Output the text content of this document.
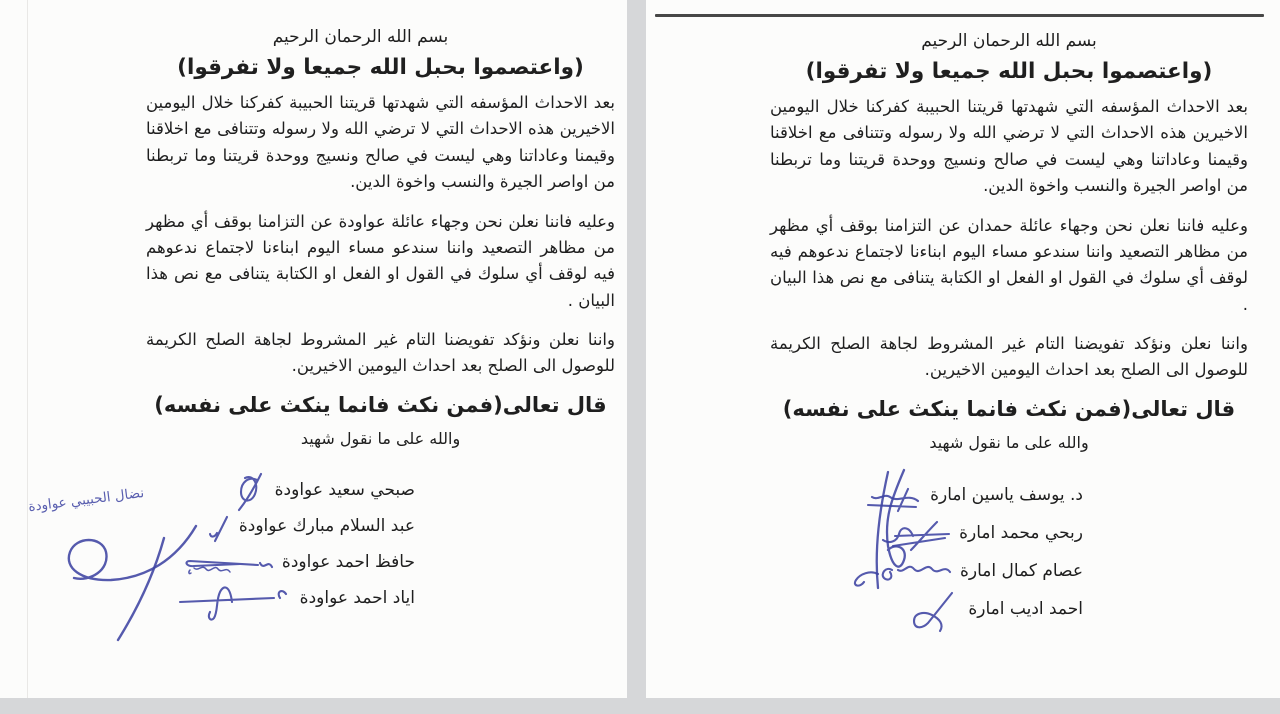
بسم الله الرحمان الرحيم
(واعتصموا بحبل الله جميعا ولا تفرقوا)

بعد الاحداث المؤسفه التي شهدتها قريتنا الحبيبة كفركنا خلال اليومين الاخيرين هذه الاحداث التي لا ترضي الله ولا رسوله وتتنافى مع اخلاقنا وقيمنا وعاداتنا وهي ليست في صالح ونسيج ووحدة قريتنا وما تربطنا من اواصر الجيرة والنسب واخوة الدين.

وعليه فاننا نعلن نحن وجهاء عائلة عواودة عن التزامنا بوقف أي مظهر من مظاهر التصعيد واننا سندعو مساء اليوم ابناءنا لاجتماع ندعوهم فيه لوقف أي سلوك في القول او الفعل او الكتابة يتنافى مع نص هذا البيان .

واننا نعلن ونؤكد تفويضنا التام غير المشروط لجاهة الصلح الكريمة للوصول الى الصلح بعد احداث اليومين الاخيرين.

قال تعالى(فمن نكث فانما ينكث على نفسه)
والله على ما نقول شهيد
صبحي سعيد عواودة
عبد السلام مبارك عواودة
حافظ احمد عواودة
اياد احمد عواودة
نضال الحبيبي عواودة
بسم الله الرحمان الرحيم
(واعتصموا بحبل الله جميعا ولا تفرقوا)

بعد الاحداث المؤسفه التي شهدتها قريتنا الحبيبة كفركنا خلال اليومين الاخيرين هذه الاحداث التي لا ترضي الله ولا رسوله وتتنافى مع اخلاقنا وقيمنا وعاداتنا وهي ليست في صالح ونسيج ووحدة قريتنا وما تربطنا من اواصر الجيرة والنسب واخوة الدين.

وعليه فاننا نعلن نحن وجهاء عائلة حمدان عن التزامنا بوقف أي مظهر من مظاهر التصعيد واننا سندعو مساء اليوم ابناءنا لاجتماع ندعوهم فيه لوقف أي سلوك في القول او الفعل او الكتابة يتنافى مع نص هذا البيان .

واننا نعلن ونؤكد تفويضنا التام غير المشروط لجاهة الصلح الكريمة للوصول الى الصلح بعد احداث اليومين الاخيرين.

قال تعالى(فمن نكث فانما ينكث على نفسه)
والله على ما نقول شهيد
د. يوسف ياسين امارة
ربحي محمد امارة
عصام كمال امارة
احمد اديب امارة
